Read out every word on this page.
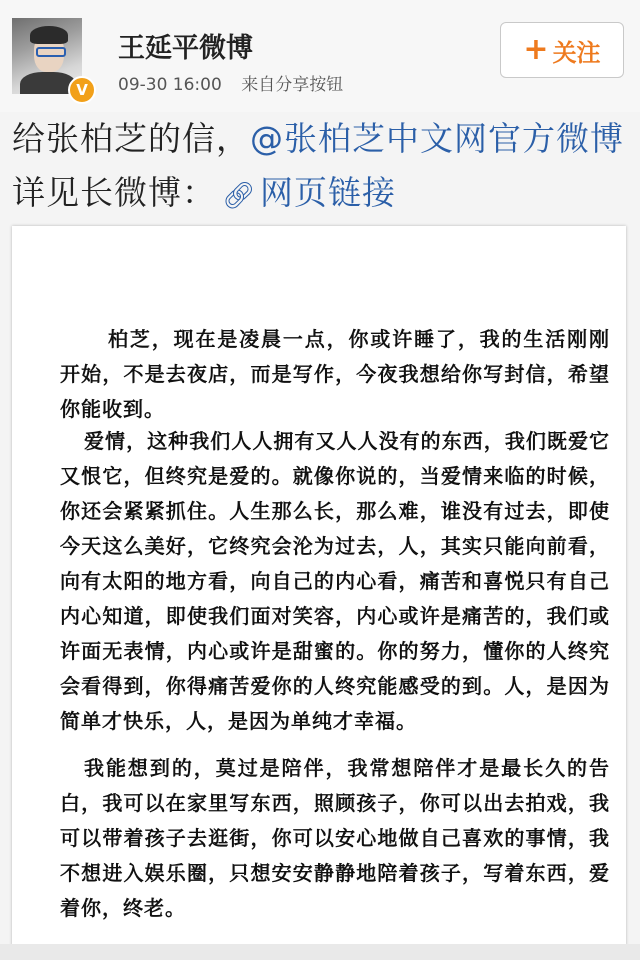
V
王延平微博
09-30 16:00 来自分享按钮
+ 关注
给张柏芝的信，@张柏芝中文网官方微博 详见长微博： 🔗︎ 网页链接

柏芝，现在是凌晨一点，你或许睡了，我的生活刚刚开始，不是去夜店，而是写作，今夜我想给你写封信，希望你能收到。

爱情，这种我们人人拥有又人人没有的东西，我们既爱它又恨它，但终究是爱的。就像你说的，当爱情来临的时候，你还会紧紧抓住。人生那么长，那么难，谁没有过去，即使今天这么美好，它终究会沦为过去，人，其实只能向前看，向有太阳的地方看，向自己的内心看，痛苦和喜悦只有自己内心知道，即使我们面对笑容，内心或许是痛苦的，我们或许面无表情，内心或许是甜蜜的。你的努力，懂你的人终究会看得到，你得痛苦爱你的人终究能感受的到。人，是因为简单才快乐，人，是因为单纯才幸福。

我能想到的，莫过是陪伴，我常想陪伴才是最长久的告白，我可以在家里写东西，照顾孩子，你可以出去拍戏，我可以带着孩子去逛街，你可以安心地做自己喜欢的事情，我不想进入娱乐圈，只想安安静静地陪着孩子，写着东西，爱着你，终老。
